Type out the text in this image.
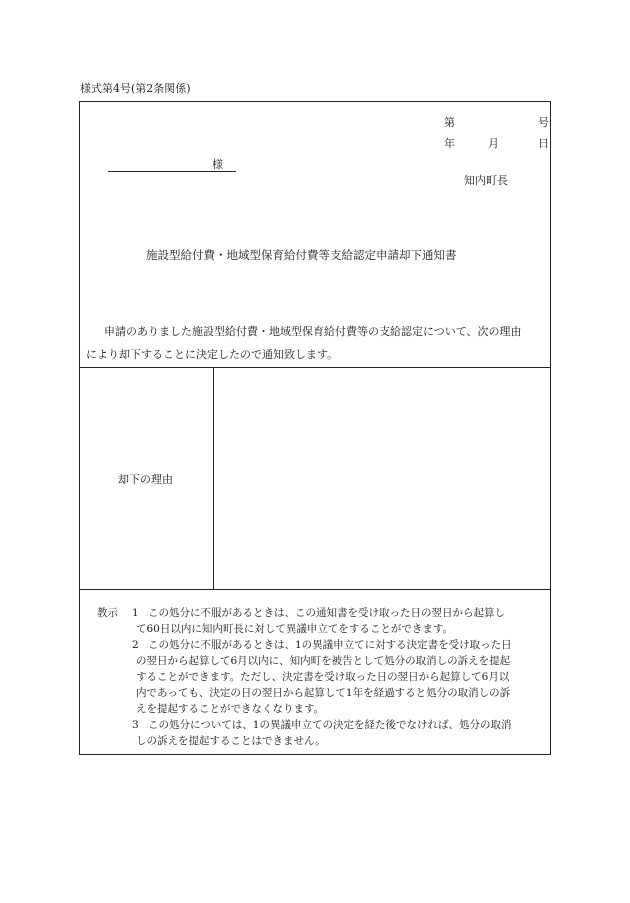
様式第4号(第2条関係)
第	号
年	月	日
様
知内町長
施設型給付費・地域型保育給付費等支給認定申請却下通知書
申請のありました施設型給付費・地域型保育給付費等の支給認定について、次の理由
により却下することに決定したので通知致します。
却下の理由
教示 1 この処分に不服があるときは、この通知書を受け取った日の翌日から起算し
て60日以内に知内町長に対して異議申立てをすることができます。
2 この処分に不服があるときは、1の異議申立てに対する決定書を受け取った日
の翌日から起算して6月以内に、知内町を被告として処分の取消しの訴えを提起
することができます。ただし、決定書を受け取った日の翌日から起算して6月以
内であっても、決定の日の翌日から起算して1年を経過すると処分の取消しの訴
えを提起することができなくなります。
3 この処分については、1の異議申立ての決定を経た後でなければ、処分の取消
しの訴えを提起することはできません。
